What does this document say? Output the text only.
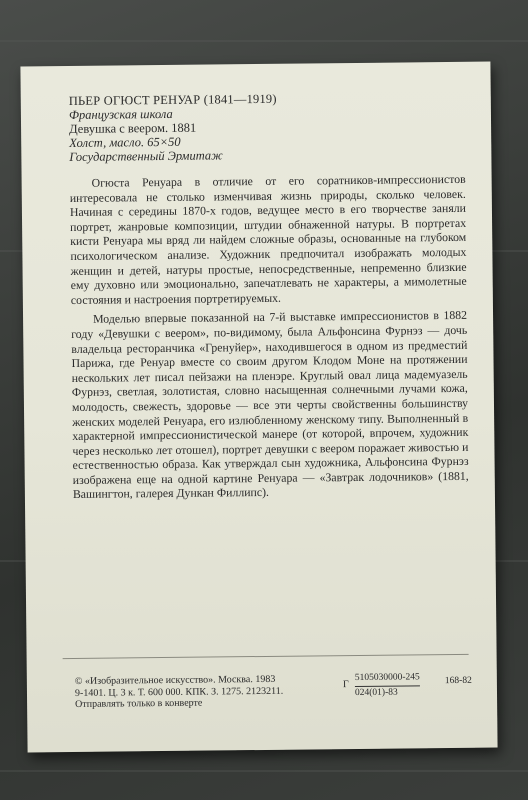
ПЬЕР ОГЮСТ РЕНУАР (1841—1919)
Французская школа
Девушка с веером. 1881
Холст, масло. 65×50
Государственный Эрмитаж

Огюста Ренуара в отличие от его соратников-импрессионистов интересовала не столько изменчивая жизнь природы, сколько человек. Начиная с середины 1870-х годов, ведущее место в его творчестве заняли портрет, жанровые композиции, штудии обнаженной натуры. В портретах кисти Ренуара мы вряд ли найдем сложные образы, основанные на глубоком психологическом анализе. Художник предпочитал изображать молодых женщин и детей, натуры простые, непосредственные, непременно близкие ему духовно или эмоционально, запечатлевать не характеры, а мимолетные состояния и настроения портретируемых.

Моделью впервые показанной на 7-й выставке импрессионистов в 1882 году «Девушки с веером», по-видимому, была Альфонсина Фурнэз — дочь владельца ресторанчика «Гренуйер», находившегося в одном из предместий Парижа, где Ренуар вместе со своим другом Клодом Моне на протяжении нескольких лет писал пейзажи на пленэре. Круглый овал лица мадемуазель Фурнэз, светлая, золотистая, словно насыщенная солнечными лучами кожа, молодость, свежесть, здоровье — все эти черты свойственны большинству женских моделей Ренуара, его излюбленному женскому типу. Выполненный в характерной импрессионистической манере (от которой, впрочем, художник через несколько лет отошел), портрет девушки с веером поражает живостью и естественностью образа. Как утверждал сын художника, Альфонсина Фурнэз изображена еще на одной картине Ренуара — «Завтрак лодочников» (1881, Вашингтон, галерея Дункан Филлипс).

© «Изобразительное искусство». Москва. 1983
9-1401. Ц. 3 к. Т. 600 000. КПК. З. 1275. 2123211.
Отправлять только в конверте
Г $\frac{5105030000-245}{024(01)-83}$	168-82
